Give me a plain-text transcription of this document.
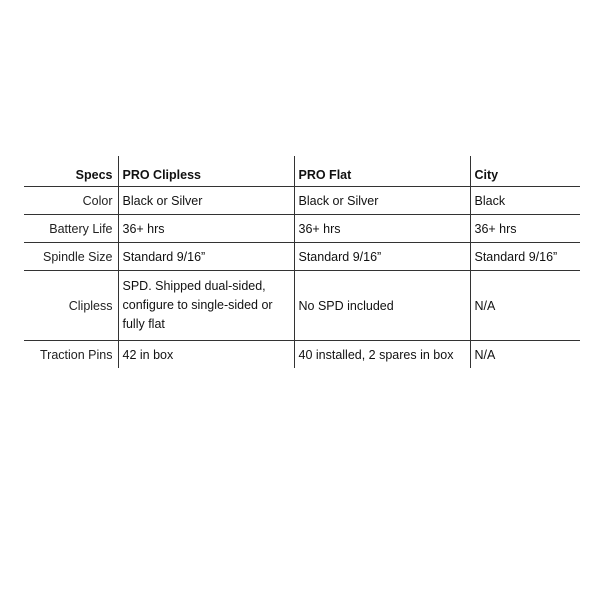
Specs	PRO Clipless	PRO Flat	City
Color	Black or Silver	Black or Silver	Black
Battery Life	36+ hrs	36+ hrs	36+ hrs
Spindle Size	Standard 9/16”	Standard 9/16”	Standard 9/16”
Clipless	SPD. Shipped dual-sided, configure to single-sided or fully flat	No SPD included	N/A
Traction Pins	42 in box	40 installed, 2 spares in box	N/A
